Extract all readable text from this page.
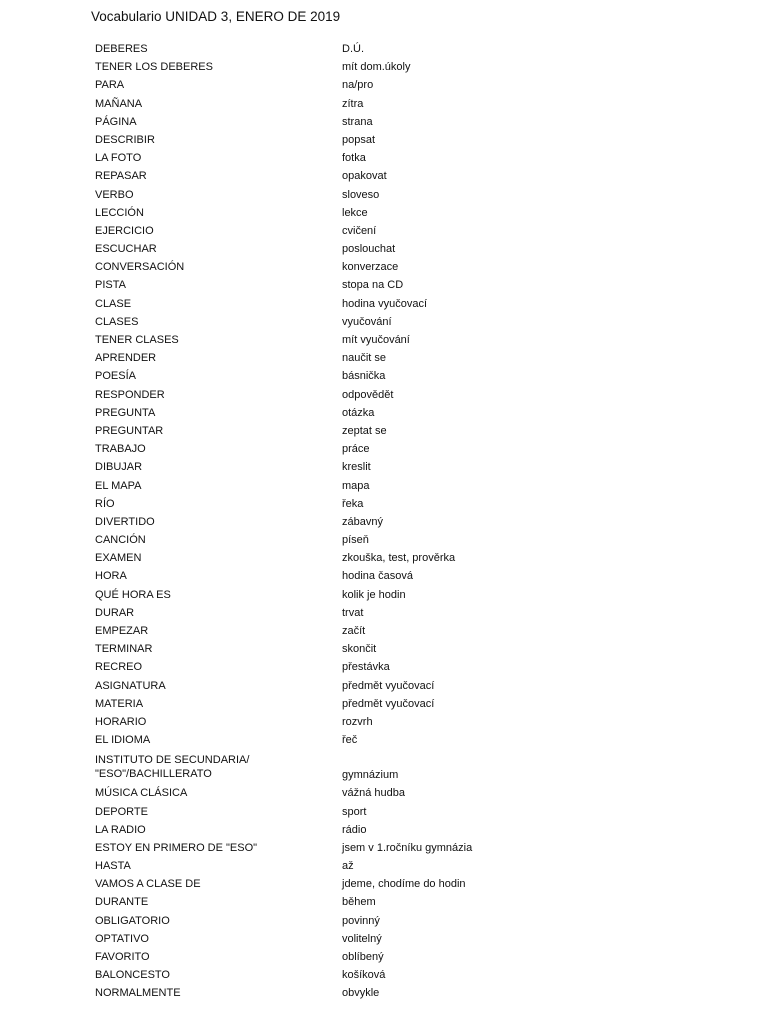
Vocabulario UNIDAD 3, ENERO DE 2019
DEBERES	D.Ú.
TENER LOS DEBERES	mít dom.úkoly
PARA	na/pro
MAÑANA	zítra
PÁGINA	strana
DESCRIBIR	popsat
LA FOTO	fotka
REPASAR	opakovat
VERBO	sloveso
LECCIÓN	lekce
EJERCICIO	cvičení
ESCUCHAR	poslouchat
CONVERSACIÓN	konverzace
PISTA	stopa na CD
CLASE	hodina vyučovací
CLASES	vyučování
TENER CLASES	mít vyučování
APRENDER	naučit se
POESÍA	básnička
RESPONDER	odpovědět
PREGUNTA	otázka
PREGUNTAR	zeptat se
TRABAJO	práce
DIBUJAR	kreslit
EL MAPA	mapa
RÍO	řeka
DIVERTIDO	zábavný
CANCIÓN	píseň
EXAMEN	zkouška, test, prověrka
HORA	hodina časová
QUÉ HORA ES	kolik je hodin
DURAR	trvat
EMPEZAR	začít
TERMINAR	skončit
RECREO	přestávka
ASIGNATURA	předmět vyučovací
MATERIA	předmět vyučovací
HORARIO	rozvrh
EL IDIOMA	řeč
INSTITUTO DE SECUNDARIA/
"ESO"/BACHILLERATO	gymnázium
MÚSICA CLÁSICA	vážná hudba
DEPORTE	sport
LA RADIO	rádio
ESTOY EN PRIMERO DE "ESO"	jsem v 1.ročníku gymnázia
HASTA	až
VAMOS A CLASE DE	jdeme, chodíme do hodin
DURANTE	během
OBLIGATORIO	povinný
OPTATIVO	volitelný
FAVORITO	oblíbený
BALONCESTO	košíková
NORMALMENTE	obvykle
